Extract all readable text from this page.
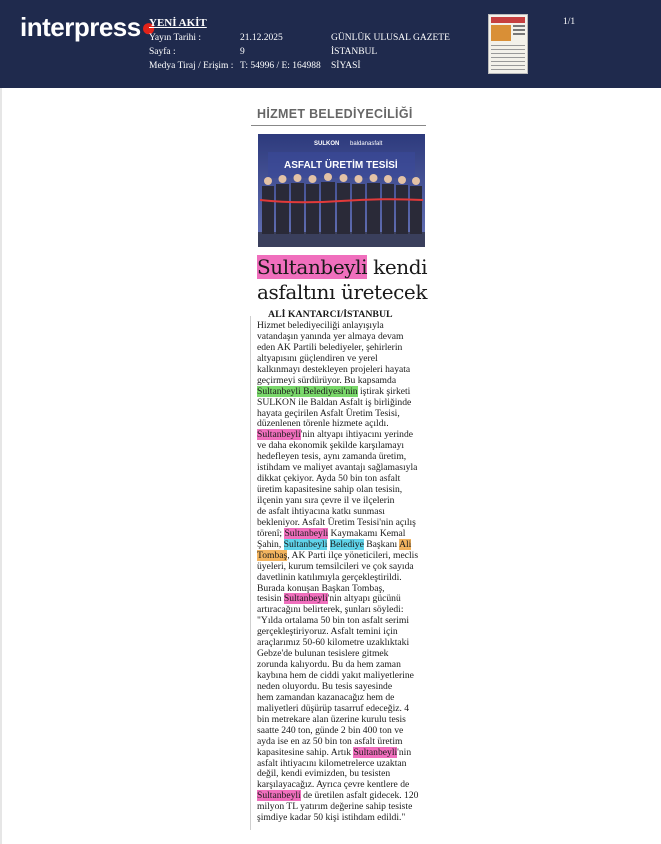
interpress●
YENİ AKİT
Yayın Tarihi :
Sayfa :
Medya Tiraj / Erişim :
21.12.2025
9
T: 54996 / E: 164988
GÜNLÜK ULUSAL GAZETE
İSTANBUL
SİYASİ
1/1
HİZMET BELEDİYECİLİĞİ
SULKON baldanasfalt
ASFALT ÜRETİM TESİSİ
Sultanbeyli kendi
asfaltını üretecek
ALİ KANTARCI/İSTANBUL
Hizmet belediyeciliği anlayışıyla
vatandaşın yanında yer almaya devam
eden AK Partili belediyeler, şehirlerin
altyapısını güçlendiren ve yerel
kalkınmayı destekleyen projeleri hayata
geçirmeyi sürdürüyor. Bu kapsamda
Sultanbeyli Belediyesi'nin iştirak şirketi
SULKON ile Baldan Asfalt iş birliğinde
hayata geçirilen Asfalt Üretim Tesisi,
düzenlenen törenle hizmete açıldı.
Sultanbeyli'nin altyapı ihtiyacını yerinde
ve daha ekonomik şekilde karşılamayı
hedefleyen tesis, aynı zamanda üretim,
istihdam ve maliyet avantajı sağlamasıyla
dikkat çekiyor. Ayda 50 bin ton asfalt
üretim kapasitesine sahip olan tesisin,
ilçenin yanı sıra çevre il ve ilçelerin
de asfalt ihtiyacına katkı sunması
bekleniyor. Asfalt Üretim Tesisi'nin açılış
törenî; Sultanbeyli Kaymakamı Kemal
Şahin, Sultanbeyli Belediye Başkanı Ali
Tombaş, AK Parti ilçe yöneticileri, meclis
üyeleri, kurum temsilcileri ve çok sayıda
davetlinin katılımıyla gerçekleştirildi.
Burada konuşan Başkan Tombaş,
tesisin Sultanbeyli'nin altyapı gücünü
artıracağını belirterek, şunları söyledi:
"Yılda ortalama 50 bin ton asfalt serimi
gerçekleştiriyoruz. Asfalt temini için
araçlarımız 50-60 kilometre uzaklıktaki
Gebze'de bulunan tesislere gitmek
zorunda kalıyordu. Bu da hem zaman
kaybına hem de ciddi yakıt maliyetlerine
neden oluyordu. Bu tesis sayesinde
hem zamandan kazanacağız hem de
maliyetleri düşürüp tasarruf edeceğiz. 4
bin metrekare alan üzerine kurulu tesis
saatte 240 ton, günde 2 bin 400 ton ve
ayda ise en az 50 bin ton asfalt üretim
kapasitesine sahip. Artık Sultanbeyli'nin
asfalt ihtiyacını kilometrelerce uzaktan
değil, kendi evimizden, bu tesisten
karşılayacağız. Ayrıca çevre kentlere de
Sultanbeyli de üretilen asfalt gidecek. 120
milyon TL yatırım değerine sahip tesiste
şimdiye kadar 50 kişi istihdam edildi."
